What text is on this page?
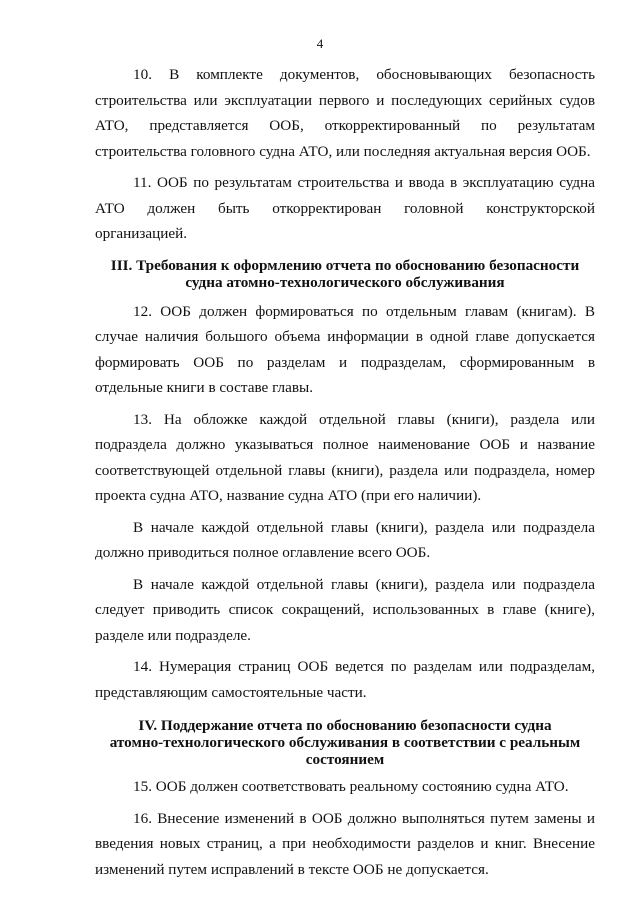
4

10. В комплекте документов, обосновывающих безопасность строительства или эксплуатации первого и последующих серийных судов АТО, представляется ООБ, откорректированный по результатам строительства головного судна АТО, или последняя актуальная версия ООБ.

11. ООБ по результатам строительства и ввода в эксплуатацию судна АТО должен быть откорректирован головной конструкторской организацией.

III. Требования к оформлению отчета по обоснованию безопасности
судна атомно-технологического обслуживания

12. ООБ должен формироваться по отдельным главам (книгам). В случае наличия большого объема информации в одной главе допускается формировать ООБ по разделам и подразделам, сформированным в отдельные книги в составе главы.

13. На обложке каждой отдельной главы (книги), раздела или подраздела должно указываться полное наименование ООБ и название соответствующей отдельной главы (книги), раздела или подраздела, номер проекта судна АТО, название судна АТО (при его наличии).

В начале каждой отдельной главы (книги), раздела или подраздела должно приводиться полное оглавление всего ООБ.

В начале каждой отдельной главы (книги), раздела или подраздела следует приводить список сокращений, использованных в главе (книге), разделе или подразделе.

14. Нумерация страниц ООБ ведется по разделам или подразделам, представляющим самостоятельные части.

IV. Поддержание отчета по обоснованию безопасности судна
атомно-технологического обслуживания в соответствии с реальным
состоянием

15. ООБ должен соответствовать реальному состоянию судна АТО.

16. Внесение изменений в ООБ должно выполняться путем замены и введения новых страниц, а при необходимости разделов и книг. Внесение изменений путем исправлений в тексте ООБ не допускается.
